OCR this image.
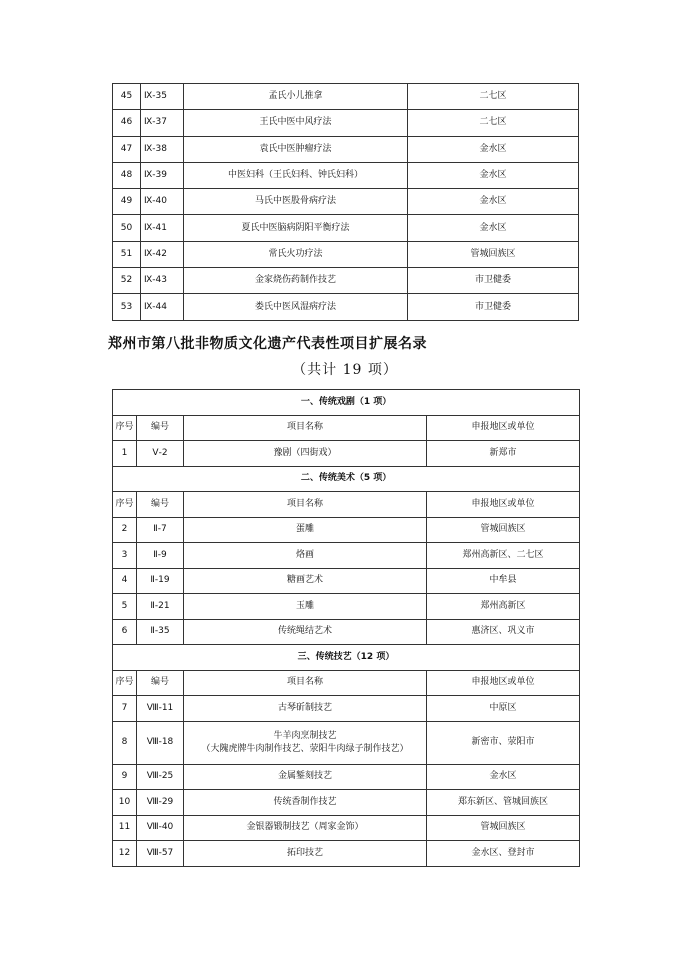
45	Ⅸ-35	孟氏小儿推拿	二七区
46	Ⅸ-37	王氏中医中风疗法	二七区
47	Ⅸ-38	袁氏中医肿瘤疗法	金水区
48	Ⅸ-39	中医妇科（王氏妇科、钟氏妇科）	金水区
49	Ⅸ-40	马氏中医股骨病疗法	金水区
50	Ⅸ-41	夏氏中医脑病阴阳平衡疗法	金水区
51	Ⅸ-42	常氏火功疗法	管城回族区
52	Ⅸ-43	金家烧伤药制作技艺	市卫健委
53	Ⅸ-44	娄氏中医风湿病疗法	市卫健委
郑州市第八批非物质文化遗产代表性项目扩展名录
（共计 19 项）
一、传统戏剧（1 项）			
序号	编号	项目名称	申报地区或单位
1	Ⅴ-2	豫剧（四街戏）	新郑市
二、传统美术（5 项）			
序号	编号	项目名称	申报地区或单位
2	Ⅱ-7	蛋雕	管城回族区
3	Ⅱ-9	烙画	郑州高新区、二七区
4	Ⅱ-19	糖画艺术	中牟县
5	Ⅱ-21	玉雕	郑州高新区
6	Ⅱ-35	传统绳结艺术	惠济区、巩义市
三、传统技艺（12 项）			
序号	编号	项目名称	申报地区或单位
7	Ⅷ-11	古琴斫制技艺	中原区
8	Ⅷ-18	牛羊肉烹制技艺
（大隗虎牌牛肉制作技艺、荥阳牛肉绿子制作技艺）	新密市、荥阳市
9	Ⅷ-25	金属錾刻技艺	金水区
10	Ⅷ-29	传统香制作技艺	郑东新区、管城回族区
11	Ⅷ-40	金银器锻制技艺（周家金饰）	管城回族区
12	Ⅷ-57	拓印技艺	金水区、登封市
